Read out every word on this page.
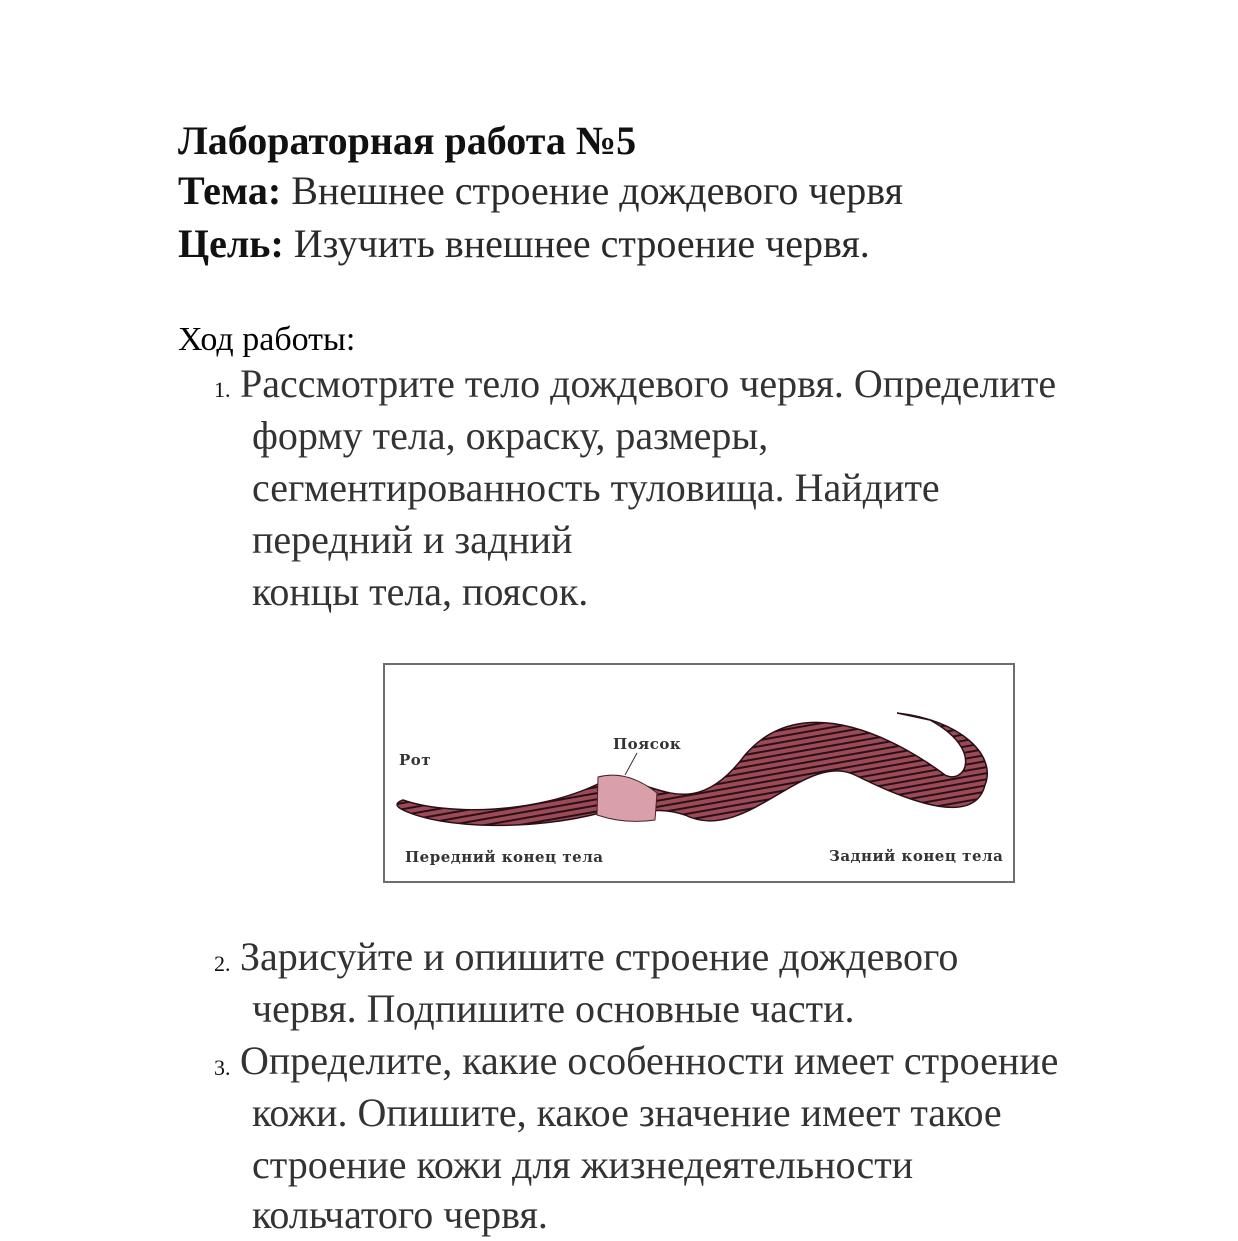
Лабораторная работа №5
Тема: Внешнее строение дождевого червя
Цель: Изучить внешнее строение червя.
Ход работы:
1. Рассмотрите тело дождевого червя. Определите
форму тела, окраску, размеры,
сегментированность туловища. Найдите
передний и задний
концы тела, поясок.
Рот
Поясок
Передний конец тела	Задний конец тела
2. Зарисуйте и опишите строение дождевого
червя. Подпишите основные части.
3. Определите, какие особенности имеет строение
кожи. Опишите, какое значение имеет такое
строение кожи для жизнедеятельности
кольчатого червя.
